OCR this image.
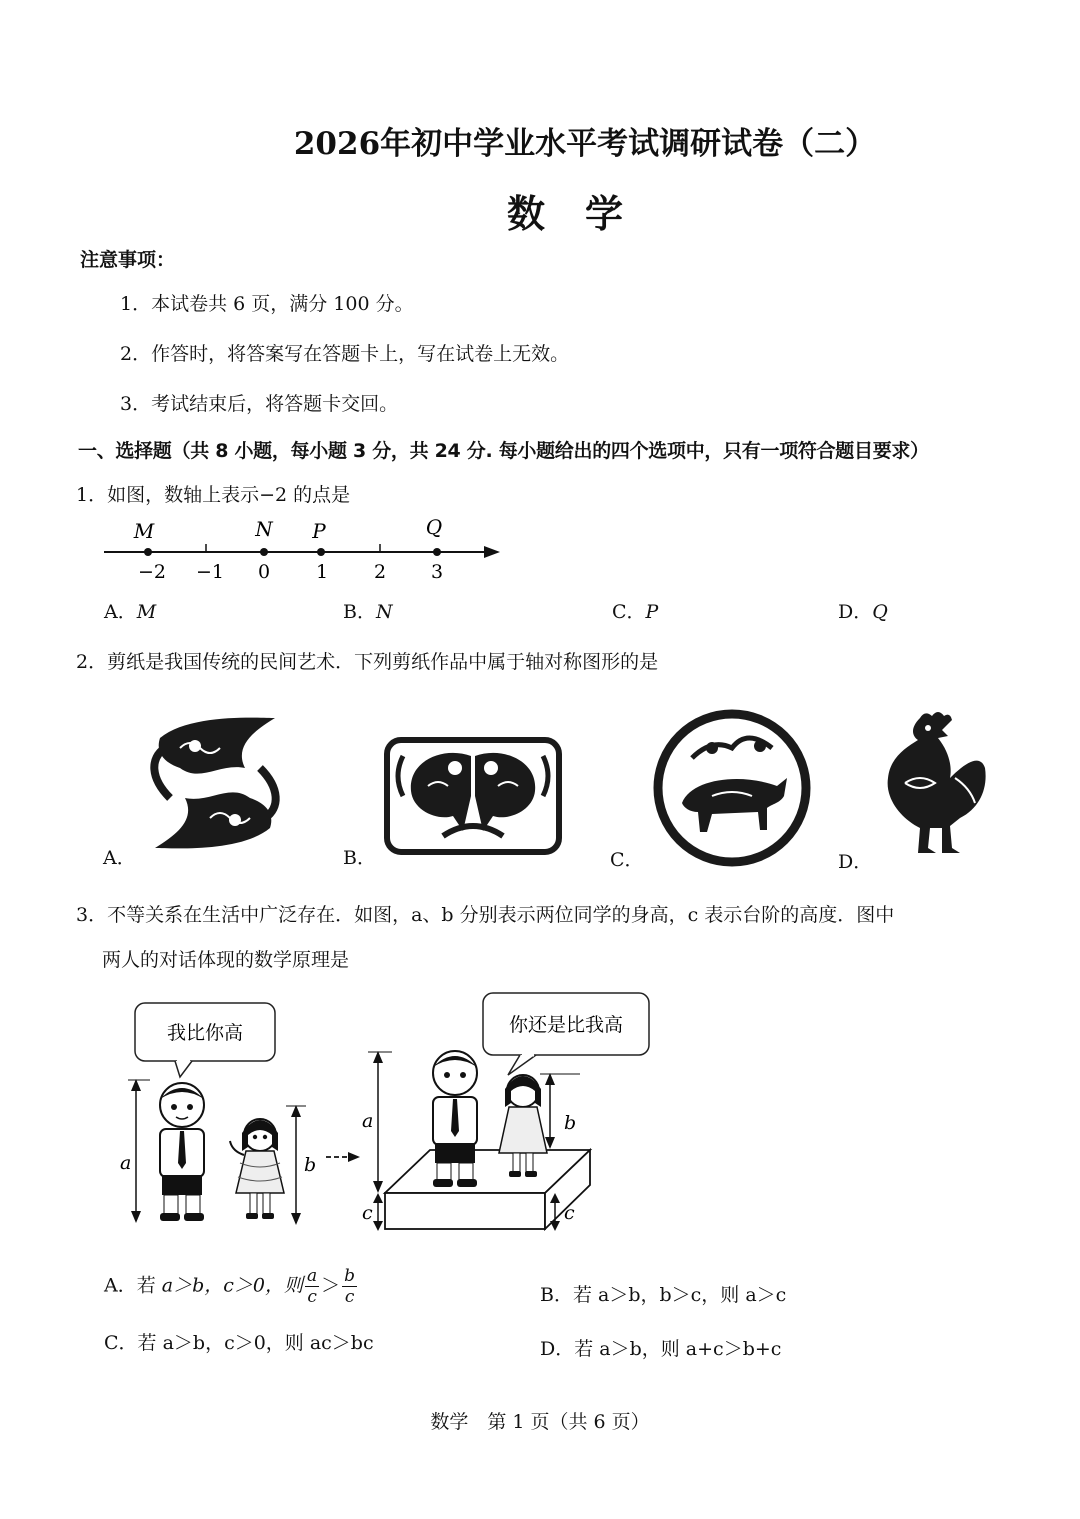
2026年初中学业水平考试调研试卷（二）
数学
注意事项：
1．本试卷共 6 页，满分 100 分。
2．作答时，将答案写在答题卡上，写在试卷上无效。
3．考试结束后，将答题卡交回。
一、选择题（共 8 小题，每小题 3 分，共 24 分. 每小题给出的四个选项中，只有一项符合题目要求）
1．如图，数轴上表示−2 的点是
M	N P	Q
−2 −1 0 1 2 3
A．M	B．N	C．P	D．Q
2．剪纸是我国传统的民间艺术．下列剪纸作品中属于轴对称图形的是
A．	B．	C．	D．
3．不等关系在生活中广泛存在．如图，a、b 分别表示两位同学的身高，c 表示台阶的高度．图中
两人的对话体现的数学原理是
我比你高	你还是比我高
a	b
a
c
b
c
A．若 a＞b，c＞0，则 $\frac{a}{c} > \frac{b}{c}$	B．若 a＞b，b＞c，则 a＞c
C．若 a＞b，c＞0，则 ac＞bc	D．若 a＞b，则 a+c＞b+c
数学　第 1 页（共 6 页）
